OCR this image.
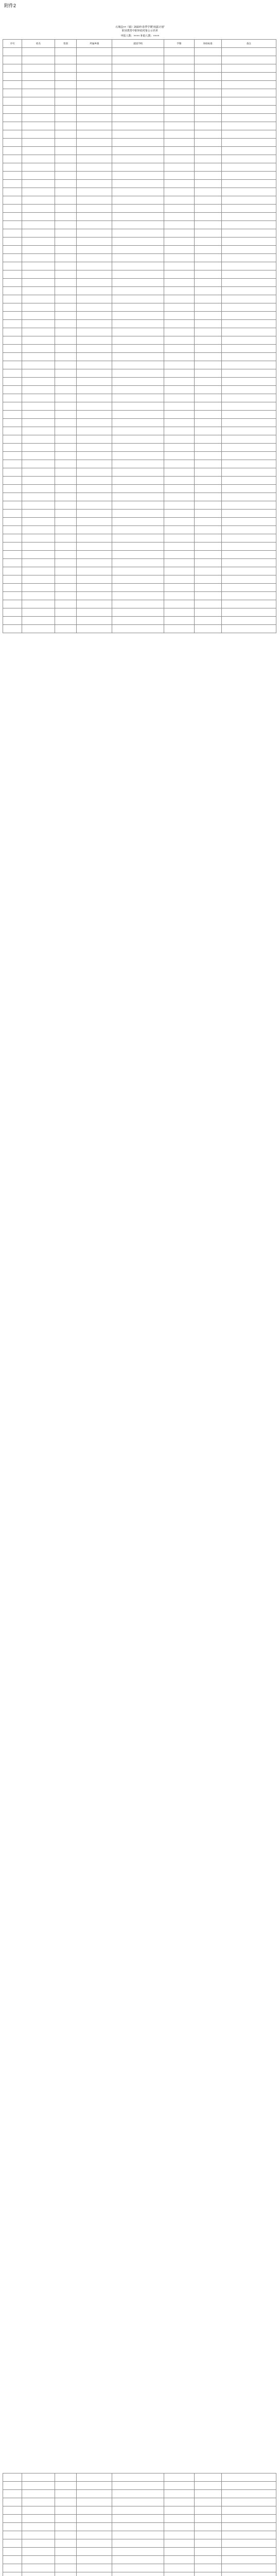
附件2
石城县××（镇）2023年春季学期“雨露计划”
职业教育中职补助对象公示名单
申报人数：×××× 补助人数：××××
序号	姓名	性别	所属乡镇	就读学校	学制	补助标准	备注
